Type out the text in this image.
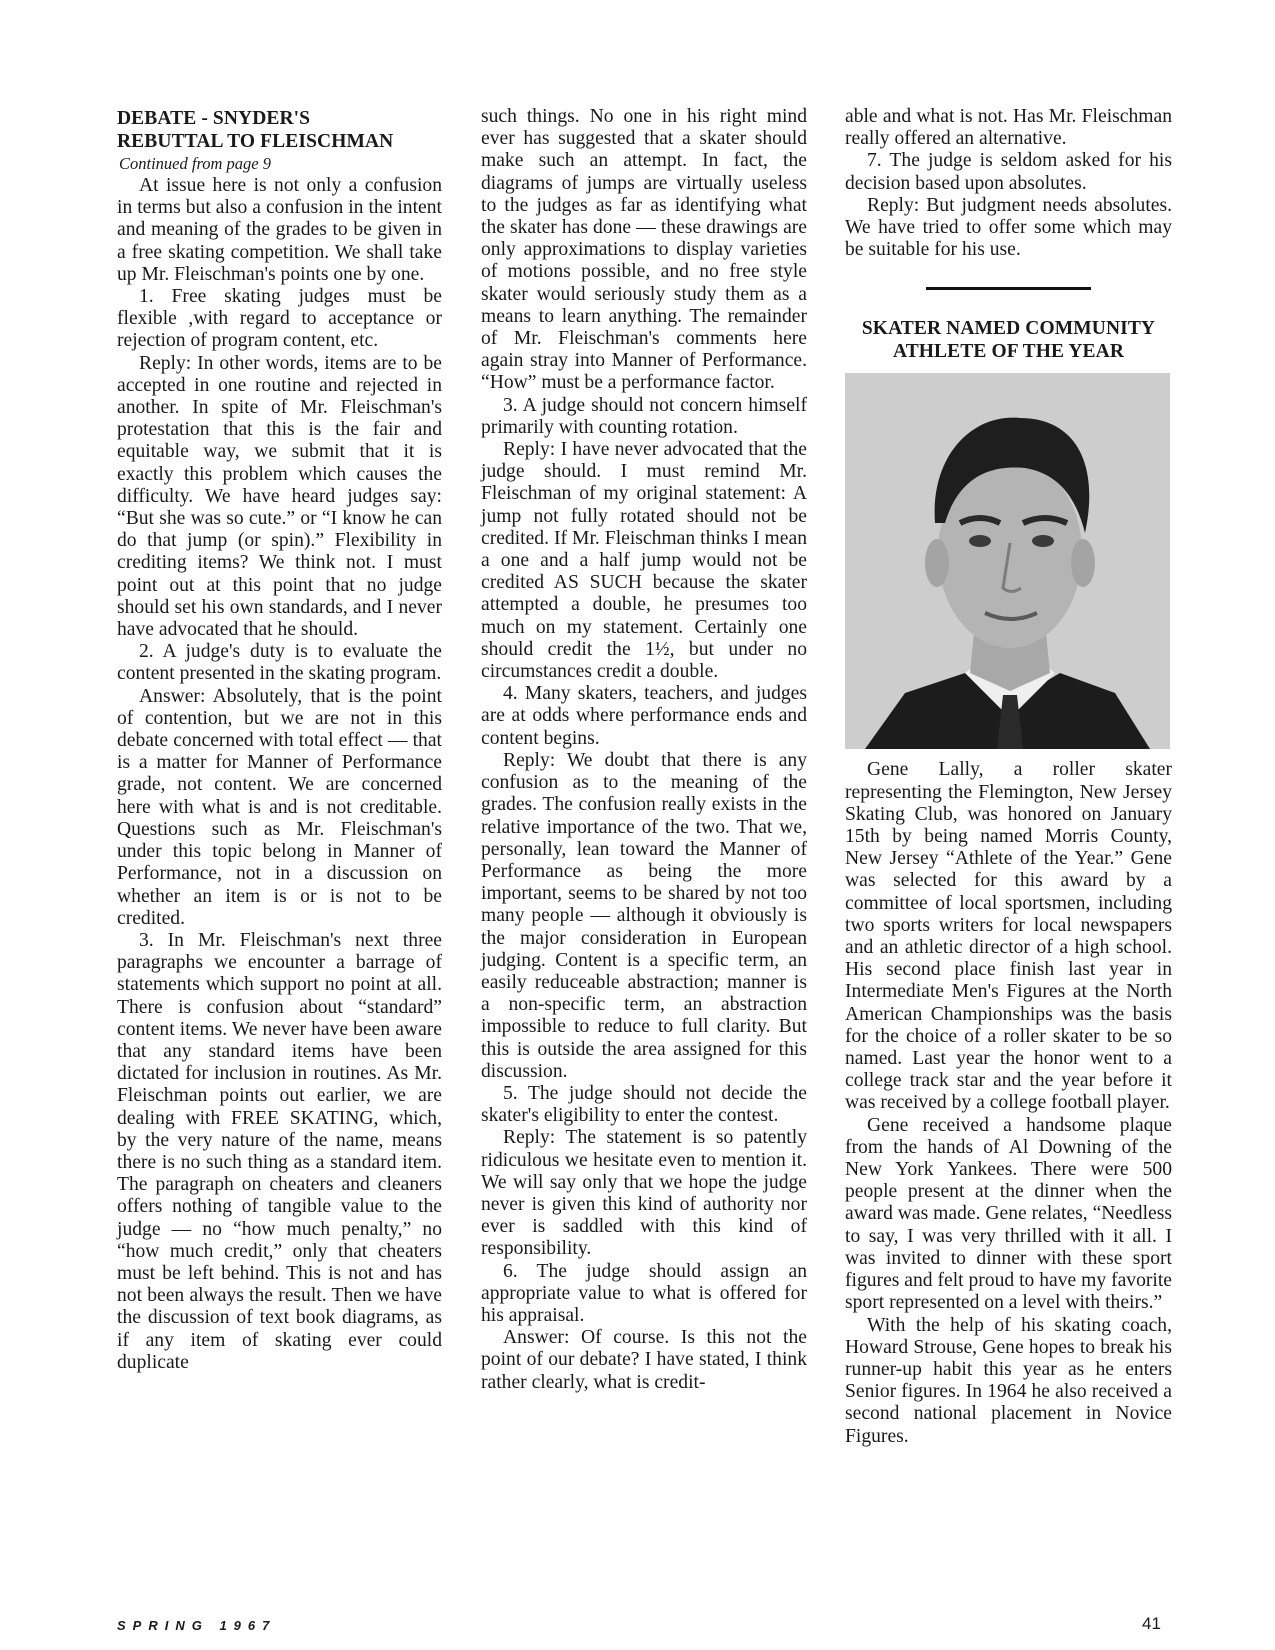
DEBATE - SNYDER'S
REBUTTAL TO FLEISCHMAN
Continued from page 9

At issue here is not only a confusion in terms but also a confusion in the intent and meaning of the grades to be given in a free skating competition. We shall take up Mr. Fleischman's points one by one.

1. Free skating judges must be flexible ,with regard to acceptance or rejection of program content, etc.

Reply: In other words, items are to be accepted in one routine and rejected in another. In spite of Mr. Fleischman's protestation that this is the fair and equitable way, we submit that it is exactly this problem which causes the difficulty. We have heard judges say: “But she was so cute.” or “I know he can do that jump (or spin).” Flexibility in crediting items? We think not. I must point out at this point that no judge should set his own standards, and I never have advocated that he should.

2. A judge's duty is to evaluate the content presented in the skating program.

Answer: Absolutely, that is the point of contention, but we are not in this debate concerned with total effect — that is a matter for Manner of Performance grade, not content. We are concerned here with what is and is not creditable. Questions such as Mr. Fleischman's under this topic belong in Manner of Performance, not in a discussion on whether an item is or is not to be credited.

3. In Mr. Fleischman's next three paragraphs we encounter a barrage of statements which support no point at all. There is confusion about “standard” content items. We never have been aware that any standard items have been dictated for inclusion in routines. As Mr. Fleischman points out earlier, we are dealing with FREE SKATING, which, by the very nature of the name, means there is no such thing as a standard item. The paragraph on cheaters and cleaners offers nothing of tangible value to the judge — no “how much penalty,” no “how much credit,” only that cheaters must be left behind. This is not and has not been always the result. Then we have the discussion of text book diagrams, as if any item of skating ever could duplicate

such things. No one in his right mind ever has suggested that a skater should make such an attempt. In fact, the diagrams of jumps are virtually useless to the judges as far as identifying what the skater has done — these drawings are only approximations to display varieties of motions possible, and no free style skater would seriously study them as a means to learn anything. The remainder of Mr. Fleischman's comments here again stray into Manner of Performance. “How” must be a performance factor.

3. A judge should not concern himself primarily with counting rotation.

Reply: I have never advocated that the judge should. I must remind Mr. Fleischman of my original statement: A jump not fully rotated should not be credited. If Mr. Fleischman thinks I mean a one and a half jump would not be credited AS SUCH because the skater attempted a double, he presumes too much on my statement. Certainly one should credit the 1½, but under no circumstances credit a double.

4. Many skaters, teachers, and judges are at odds where performance ends and content begins.

Reply: We doubt that there is any confusion as to the meaning of the grades. The confusion really exists in the relative importance of the two. That we, personally, lean toward the Manner of Performance as being the more important, seems to be shared by not too many people — although it obviously is the major consideration in European judging. Content is a specific term, an easily reduceable abstraction; manner is a non-specific term, an abstraction impossible to reduce to full clarity. But this is outside the area assigned for this discussion.

5. The judge should not decide the skater's eligibility to enter the contest.

Reply: The statement is so patently ridiculous we hesitate even to mention it. We will say only that we hope the judge never is given this kind of authority nor ever is saddled with this kind of responsibility.

6. The judge should assign an appropriate value to what is offered for his appraisal.

Answer: Of course. Is this not the point of our debate? I have stated, I think rather clearly, what is credit-

able and what is not. Has Mr. Fleischman really offered an alternative.

7. The judge is seldom asked for his decision based upon absolutes.

Reply: But judgment needs absolutes. We have tried to offer some which may be suitable for his use.

SKATER NAMED COMMUNITY
ATHLETE OF THE YEAR

Gene Lally, a roller skater representing the Flemington, New Jersey Skating Club, was honored on January 15th by being named Morris County, New Jersey “Athlete of the Year.” Gene was selected for this award by a committee of local sportsmen, including two sports writers for local newspapers and an athletic director of a high school. His second place finish last year in Intermediate Men's Figures at the North American Championships was the basis for the choice of a roller skater to be so named. Last year the honor went to a college track star and the year before it was received by a college football player.

Gene received a handsome plaque from the hands of Al Downing of the New York Yankees. There were 500 people present at the dinner when the award was made. Gene relates, “Needless to say, I was very thrilled with it all. I was invited to dinner with these sport figures and felt proud to have my favorite sport represented on a level with theirs.”

With the help of his skating coach, Howard Strouse, Gene hopes to break his runner-up habit this year as he enters Senior figures. In 1964 he also received a second national placement in Novice Figures.

SPRING 1967	41
